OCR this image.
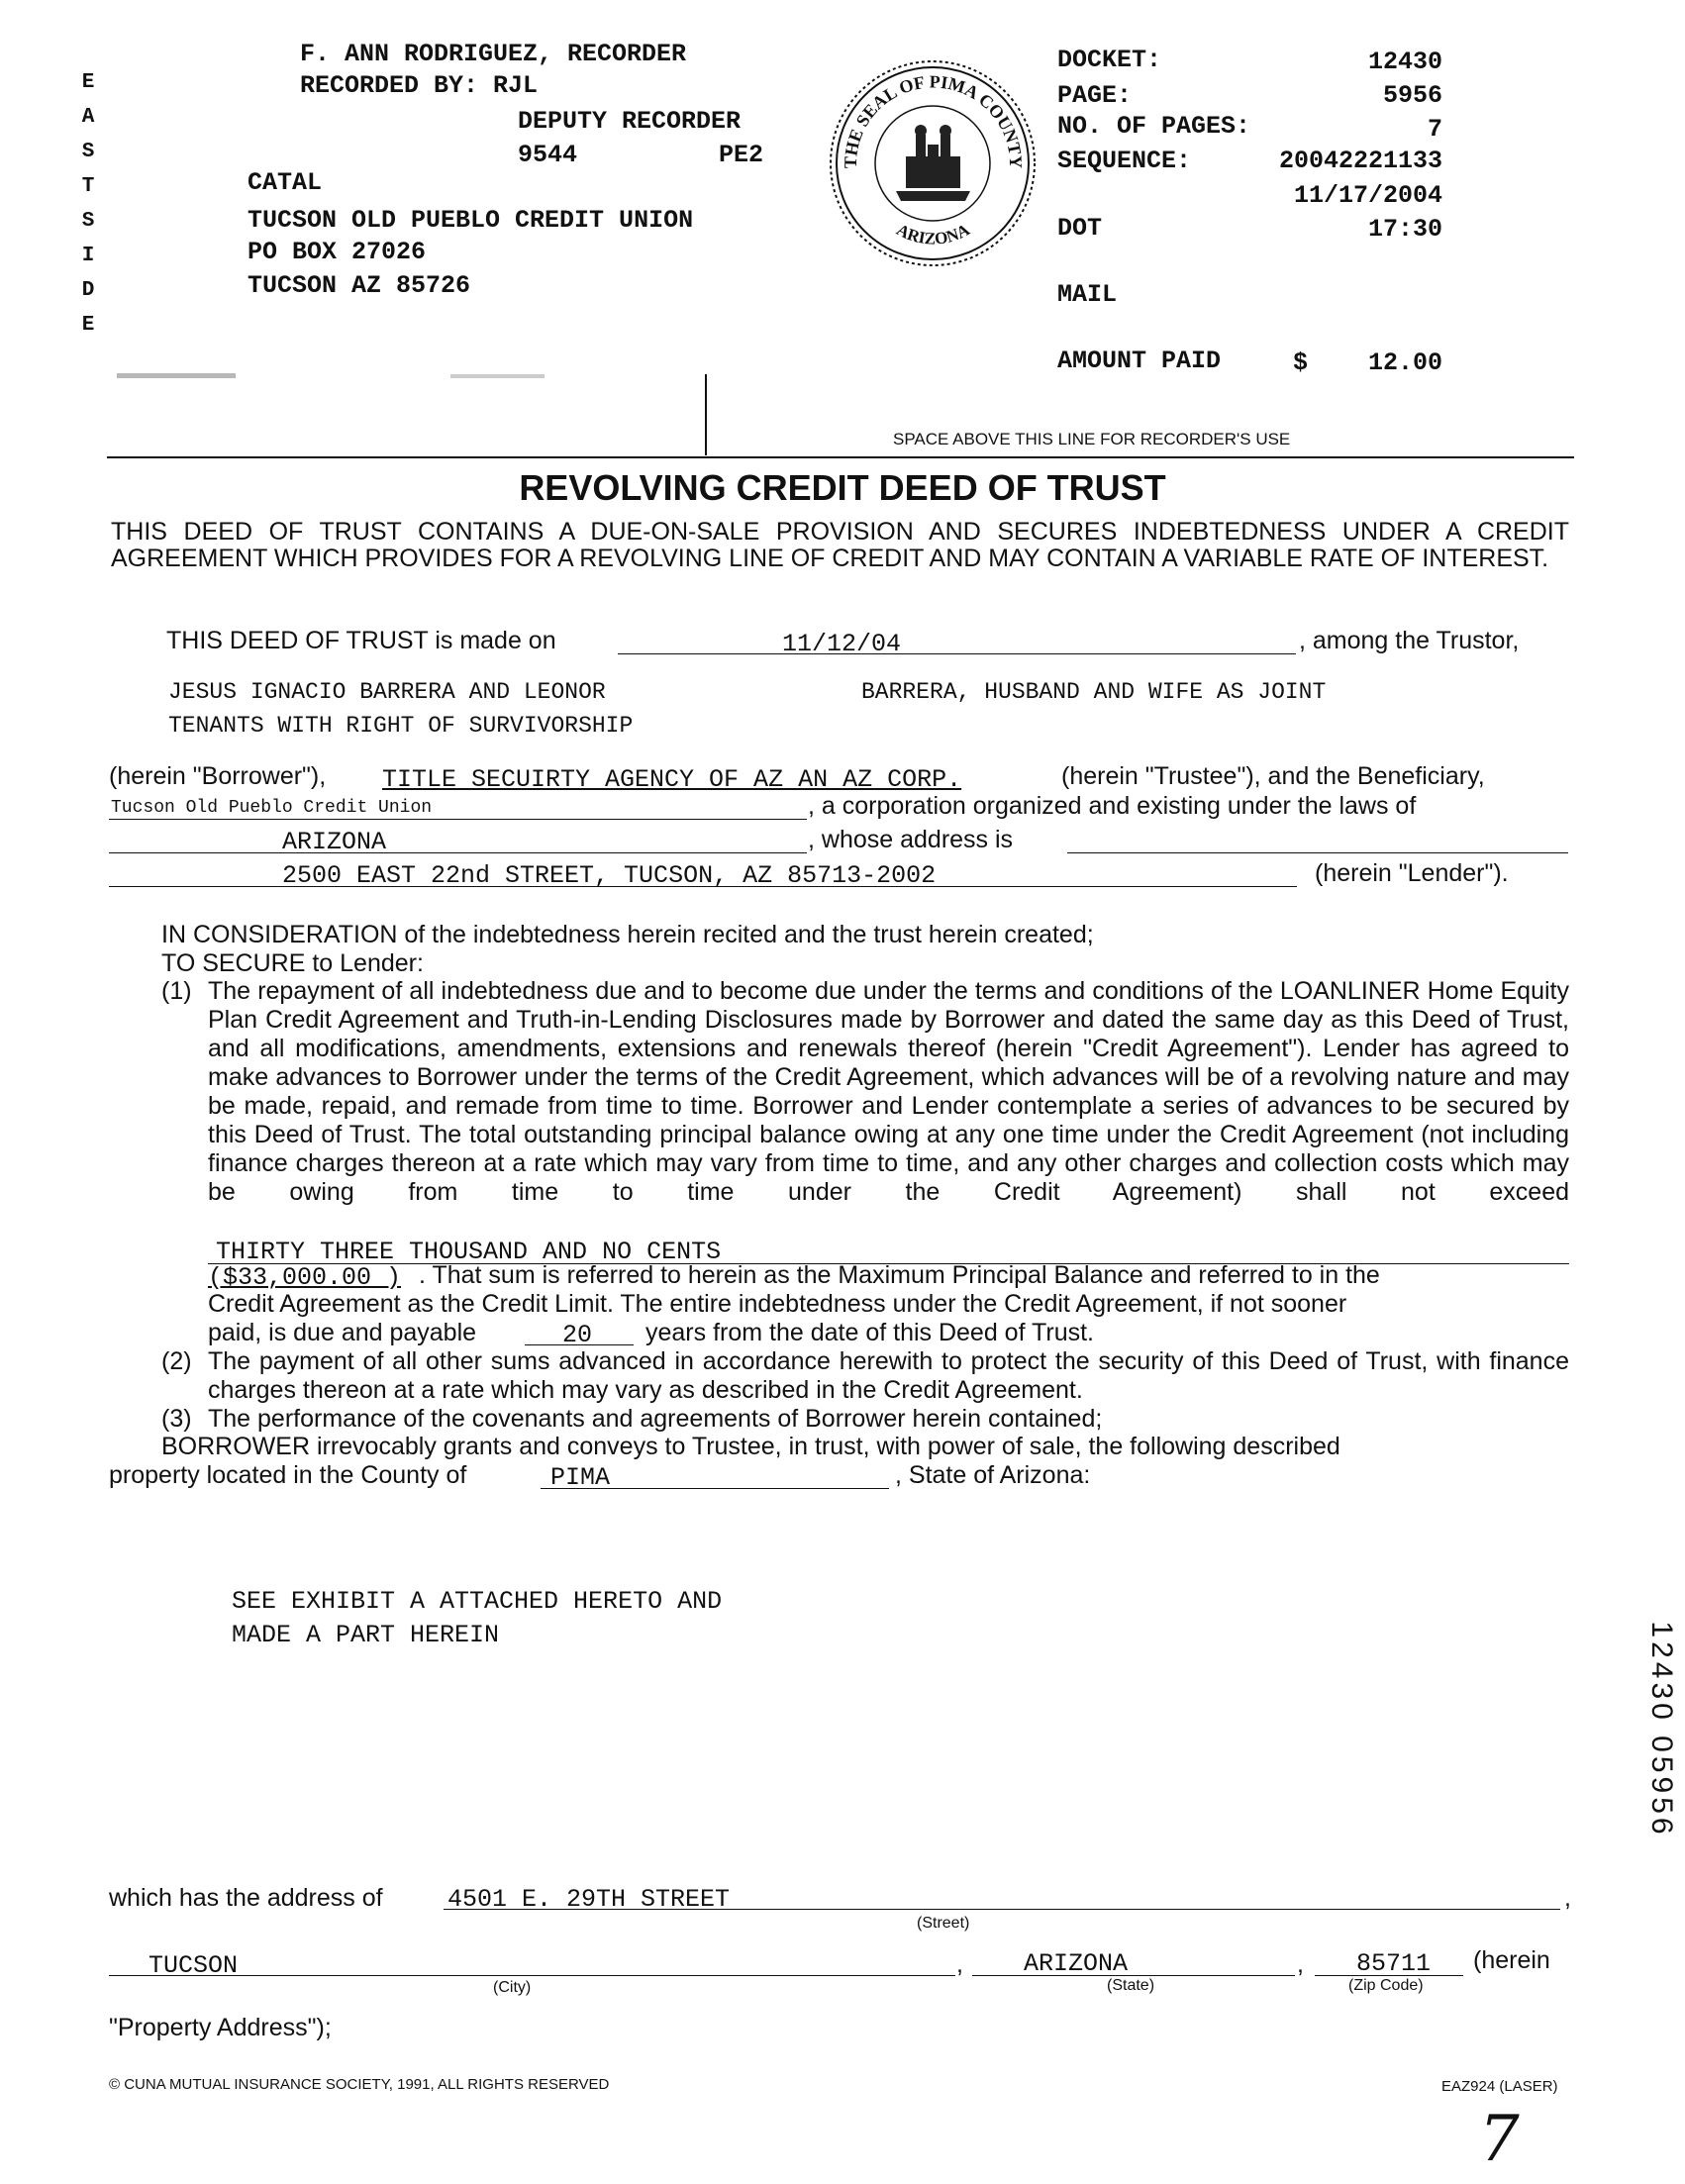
E
A
S
T
S
I
D
E
F. ANN RODRIGUEZ, RECORDER
RECORDED BY: RJL
DEPUTY RECORDER
9544	PE2
CATAL
TUCSON OLD PUEBLO CREDIT UNION
PO BOX 27026
TUCSON AZ 85726
THE SEAL OF PIMA COUNTY
ARIZONA
DOCKET:	12430
PAGE:	5956
NO. OF PAGES:	7
SEQUENCE:	20042221133
11/17/2004
DOT	17:30
MAIL
AMOUNT PAID	$ 12.00
SPACE ABOVE THIS LINE FOR RECORDER'S USE
REVOLVING CREDIT DEED OF TRUST
THIS DEED OF TRUST CONTAINS A DUE-ON-SALE PROVISION AND SECURES INDEBTEDNESS UNDER A CREDIT AGREEMENT WHICH PROVIDES FOR A REVOLVING LINE OF CREDIT AND MAY CONTAIN A VARIABLE RATE OF INTEREST.
THIS DEED OF TRUST is made on	11/12/04	, among the Trustor,
JESUS IGNACIO BARRERA AND LEONOR	BARRERA, HUSBAND AND WIFE AS JOINT
TENANTS WITH RIGHT OF SURVIVORSHIP
(herein "Borrower"), TITLE SECUIRTY AGENCY OF AZ AN AZ CORP.	(herein "Trustee"), and the Beneficiary,
Tucson Old Pueblo Credit Union	, a corporation organized and existing under the laws of
ARIZONA	, whose address is
2500 EAST 22nd STREET, TUCSON, AZ 85713-2002	(herein "Lender").
IN CONSIDERATION of the indebtedness herein recited and the trust herein created;
TO SECURE to Lender:
(1) The repayment of all indebtedness due and to become due under the terms and conditions of the LOANLINER Home Equity Plan Credit Agreement and Truth-in-Lending Disclosures made by Borrower and dated the same day as this Deed of Trust, and all modifications, amendments, extensions and renewals thereof (herein "Credit Agreement"). Lender has agreed to make advances to Borrower under the terms of the Credit Agreement, which advances will be of a revolving nature and may be made, repaid, and remade from time to time. Borrower and Lender contemplate a series of advances to be secured by this Deed of Trust. The total outstanding principal balance owing at any one time under the Credit Agreement (not including finance charges thereon at a rate which may vary from time to time, and any other charges and collection costs which may be owing from time to time under the Credit Agreement) shall not exceed
THIRTY THREE THOUSAND AND NO CENTS
($33,000.00 ) . That sum is referred to herein as the Maximum Principal Balance and referred to in the
Credit Agreement as the Credit Limit. The entire indebtedness under the Credit Agreement, if not sooner
paid, is due and payable	20 years from the date of this Deed of Trust.
(2) The payment of all other sums advanced in accordance herewith to protect the security of this Deed of Trust, with finance charges thereon at a rate which may vary as described in the Credit Agreement.
(3) The performance of the covenants and agreements of Borrower herein contained;
BORROWER irrevocably grants and conveys to Trustee, in trust, with power of sale, the following described
property located in the County of	PIMA	, State of Arizona:
SEE EXHIBIT A ATTACHED HERETO AND
MADE A PART HEREIN	12430 05956
which has the address of	4501 E. 29TH STREET	,
(Street)
TUCSON	,
(City)
ARIZONA	,
(State)
85711
(Zip Code)
(herein
"Property Address");
© CUNA MUTUAL INSURANCE SOCIETY, 1991, ALL RIGHTS RESERVED	EAZ924 (LASER)
7
